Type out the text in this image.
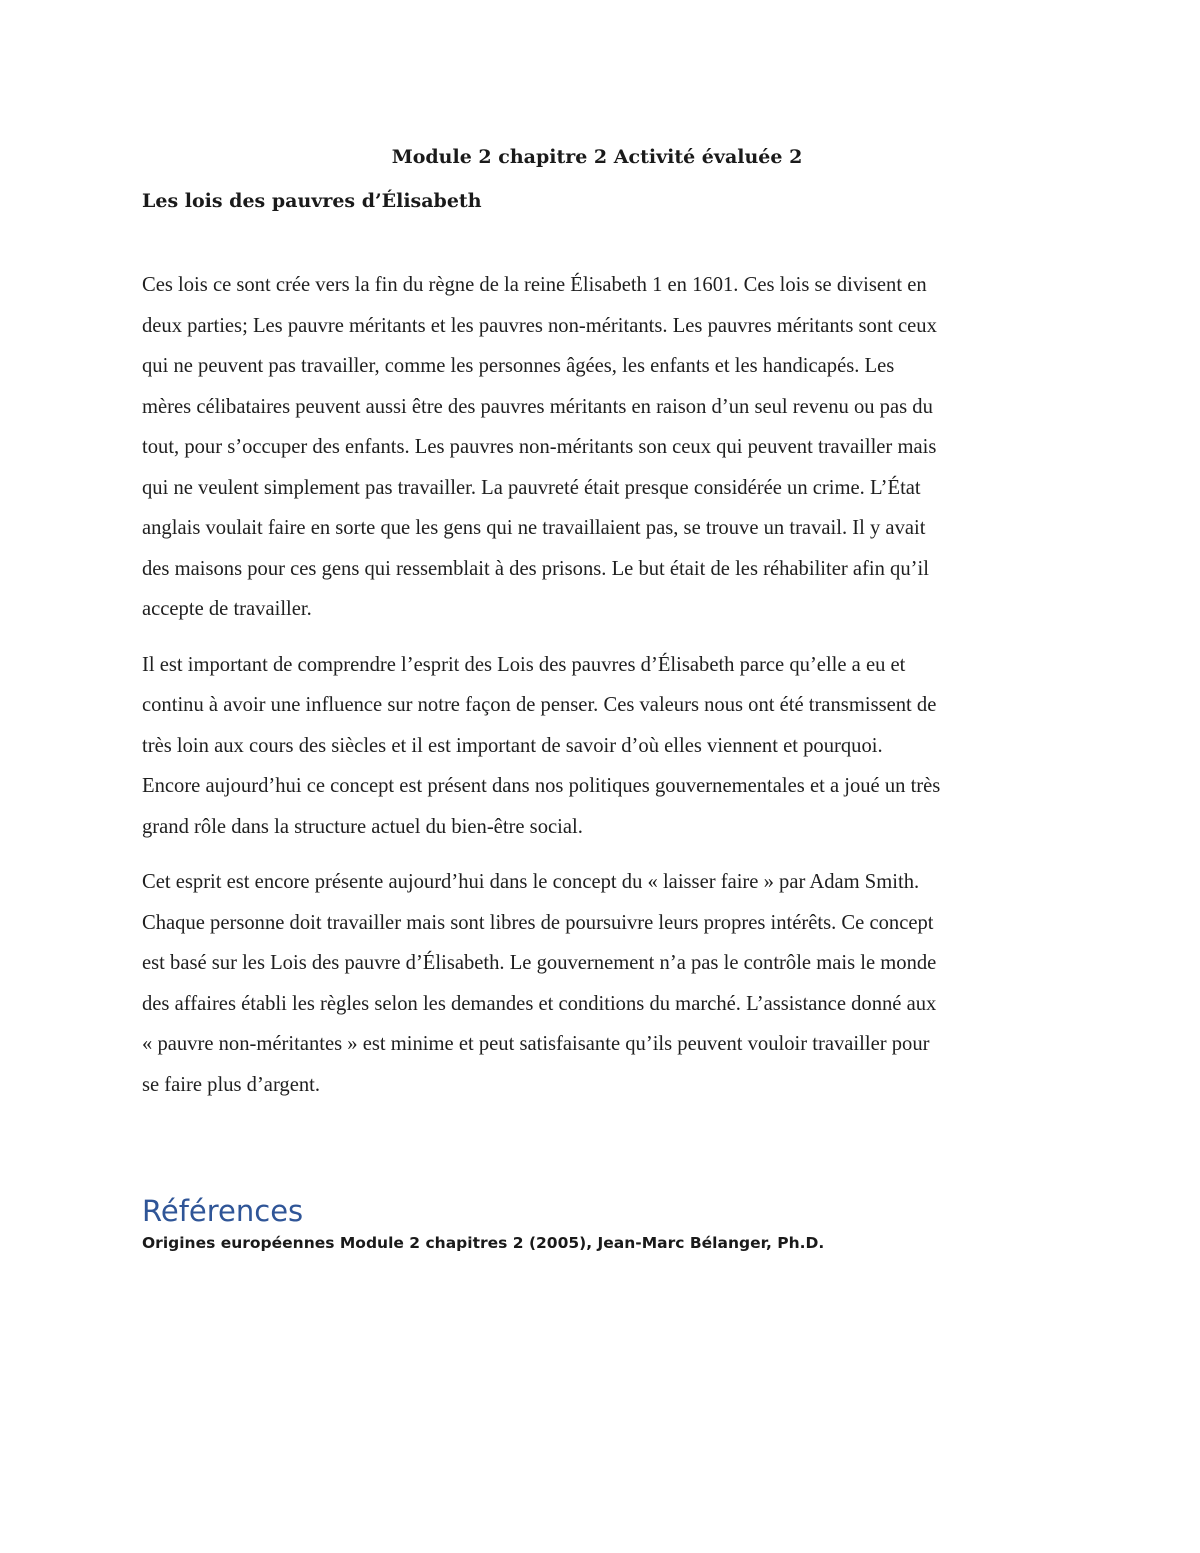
Module 2 chapitre 2 Activité évaluée 2
Les lois des pauvres d’Élisabeth

Ces lois ce sont crée vers la fin du règne de la reine Élisabeth 1 en 1601. Ces lois se divisent en
deux parties; Les pauvre méritants et les pauvres non-méritants. Les pauvres méritants sont ceux
qui ne peuvent pas travailler, comme les personnes âgées, les enfants et les handicapés. Les
mères célibataires peuvent aussi être des pauvres méritants en raison d’un seul revenu ou pas du
tout, pour s’occuper des enfants. Les pauvres non-méritants son ceux qui peuvent travailler mais
qui ne veulent simplement pas travailler. La pauvreté était presque considérée un crime. L’État
anglais voulait faire en sorte que les gens qui ne travaillaient pas, se trouve un travail. Il y avait
des maisons pour ces gens qui ressemblait à des prisons. Le but était de les réhabiliter afin qu’il
accepte de travailler.

Il est important de comprendre l’esprit des Lois des pauvres d’Élisabeth parce qu’elle a eu et
continu à avoir une influence sur notre façon de penser. Ces valeurs nous ont été transmissent de
très loin aux cours des siècles et il est important de savoir d’où elles viennent et pourquoi.
Encore aujourd’hui ce concept est présent dans nos politiques gouvernementales et a joué un très
grand rôle dans la structure actuel du bien-être social.

Cet esprit est encore présente aujourd’hui dans le concept du « laisser faire » par Adam Smith.
Chaque personne doit travailler mais sont libres de poursuivre leurs propres intérêts. Ce concept
est basé sur les Lois des pauvre d’Élisabeth. Le gouvernement n’a pas le contrôle mais le monde
des affaires établi les règles selon les demandes et conditions du marché. L’assistance donné aux
« pauvre non-méritantes » est minime et peut satisfaisante qu’ils peuvent vouloir travailler pour
se faire plus d’argent.

Références

Origines européennes Module 2 chapitres 2 (2005), Jean-Marc Bélanger, Ph.D.
